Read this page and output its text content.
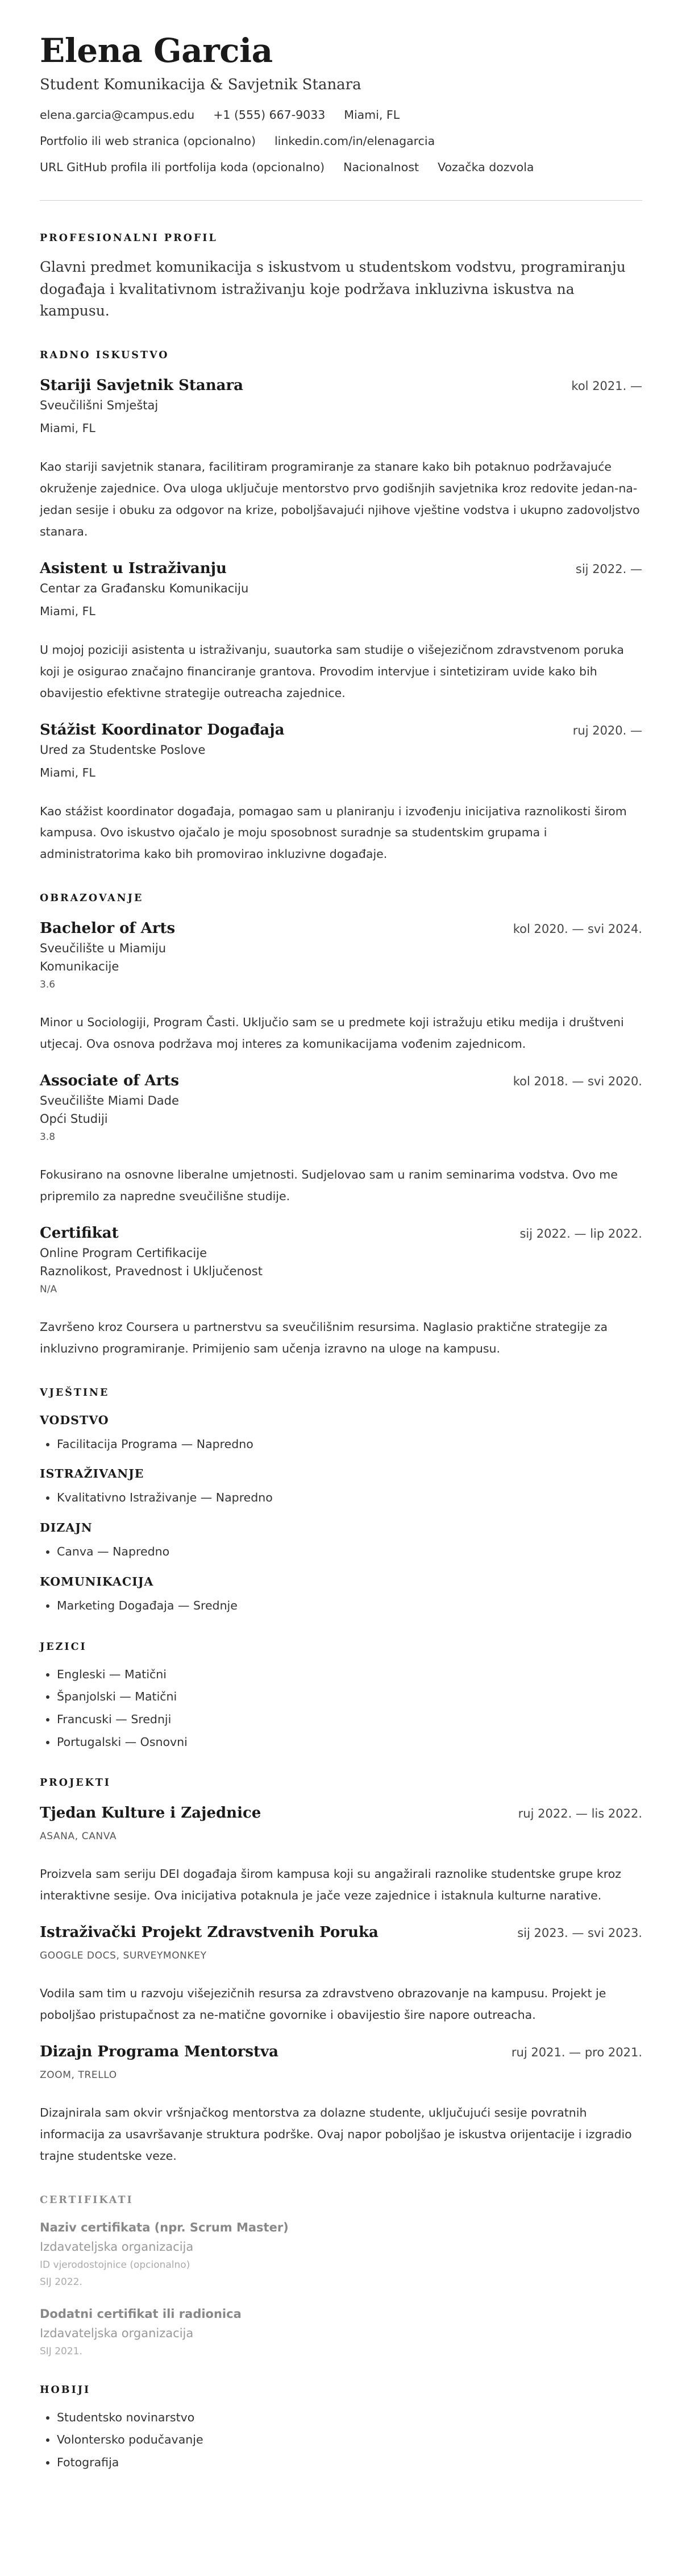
Elena Garcia
Student Komunikacija & Savjetnik Stanara
elena.garcia@campus.edu +1 (555) 667-9033 Miami, FL
Portfolio ili web stranica (opcionalno) linkedin.com/in/elenagarcia
URL GitHub profila ili portfolija koda (opcionalno) Nacionalnost Vozačka dozvola
PROFESIONALNI PROFIL
Glavni predmet komunikacija s iskustvom u studentskom vodstvu, programiranju događaja i kvalitativnom istraživanju koje podržava inkluzivna iskustva na kampusu.
RADNO ISKUSTVO
Stariji Savjetnik Stanara	kol 2021. —
Sveučilišni Smještaj
Miami, FL
Kao stariji savjetnik stanara, facilitiram programiranje za stanare kako bih potaknuo podržavajuće okruženje zajednice. Ova uloga uključuje mentorstvo prvo godišnjih savjetnika kroz redovite jedan-na-jedan sesije i obuku za odgovor na krize, poboljšavajući njihove vještine vodstva i ukupno zadovoljstvo stanara.
Asistent u Istraživanju	sij 2022. —
Centar za Građansku Komunikaciju
Miami, FL
U mojoj poziciji asistenta u istraživanju, suautorka sam studije o višejezičnom zdravstvenom poruka koji je osigurao značajno financiranje grantova. Provodim intervjue i sintetiziram uvide kako bih obavijestio efektivne strategije outreacha zajednice.
Stážist Koordinator Događaja	ruj 2020. —
Ured za Studentske Poslove
Miami, FL
Kao stážist koordinator događaja, pomagao sam u planiranju i izvođenju inicijativa raznolikosti širom kampusa. Ovo iskustvo ojačalo je moju sposobnost suradnje sa studentskim grupama i administratorima kako bih promovirao inkluzivne događaje.
OBRAZOVANJE
Bachelor of Arts	kol 2020. — svi 2024.
Sveučilište u Miamiju
Komunikacije
3.6
Minor u Sociologiji, Program Časti. Uključio sam se u predmete koji istražuju etiku medija i društveni utjecaj. Ova osnova podržava moj interes za komunikacijama vođenim zajednicom.
Associate of Arts	kol 2018. — svi 2020.
Sveučilište Miami Dade
Opći Studiji
3.8
Fokusirano na osnovne liberalne umjetnosti. Sudjelovao sam u ranim seminarima vodstva. Ovo me pripremilo za napredne sveučilišne studije.
Certifikat	sij 2022. — lip 2022.
Online Program Certifikacije
Raznolikost, Pravednost i Uključenost
N/A
Završeno kroz Coursera u partnerstvu sa sveučilišnim resursima. Naglasio praktične strategije za inkluzivno programiranje. Primijenio sam učenja izravno na uloge na kampusu.
VJEŠTINE
VODSTVO
• Facilitacija Programa — Napredno
ISTRAŽIVANJE
• Kvalitativno Istraživanje — Napredno
DIZAJN
• Canva — Napredno
KOMUNIKACIJA
• Marketing Događaja — Srednje
JEZICI
• Engleski — Matični
• Španjolski — Matični
• Francuski — Srednji
• Portugalski — Osnovni
PROJEKTI
Tjedan Kulture i Zajednice	ruj 2022. — lis 2022.
ASANA, CANVA
Proizvela sam seriju DEI događaja širom kampusa koji su angažirali raznolike studentske grupe kroz interaktivne sesije. Ova inicijativa potaknula je jače veze zajednice i istaknula kulturne narative.
Istraživački Projekt Zdravstvenih Poruka	sij 2023. — svi 2023.
GOOGLE DOCS, SURVEYMONKEY
Vodila sam tim u razvoju višejezičnih resursa za zdravstveno obrazovanje na kampusu. Projekt je poboljšao pristupačnost za ne-matične govornike i obavijestio šire napore outreacha.
Dizajn Programa Mentorstva	ruj 2021. — pro 2021.
ZOOM, TRELLO
Dizajnirala sam okvir vršnjačkog mentorstva za dolazne studente, uključujući sesije povratnih informacija za usavršavanje struktura podrške. Ovaj napor poboljšao je iskustva orijentacije i izgradio trajne studentske veze.
CERTIFIKATI
Naziv certifikata (npr. Scrum Master)
Izdavateljska organizacija
ID vjerodostojnice (opcionalno)
SIJ 2022.
Dodatni certifikat ili radionica
Izdavateljska organizacija
SIJ 2021.
HOBIJI
• Studentsko novinarstvo
• Volontersko podučavanje
• Fotografija
